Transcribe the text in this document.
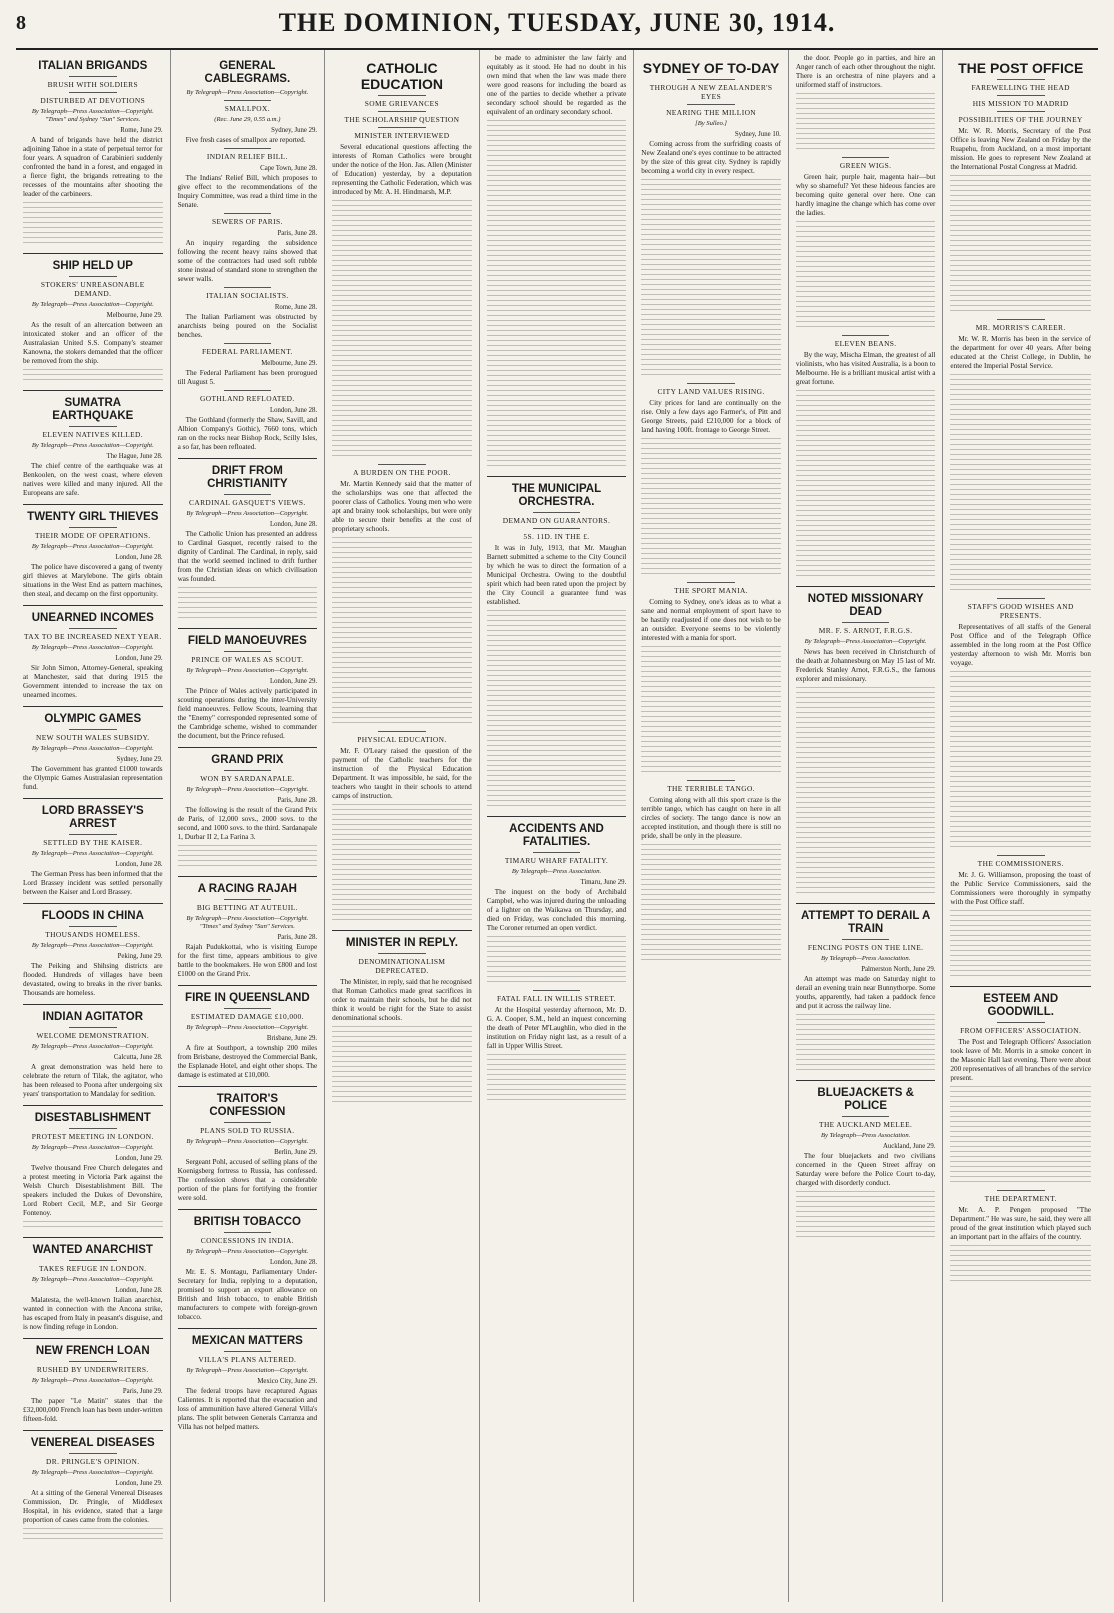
8	THE DOMINION, TUESDAY, JUNE 30, 1914.
ITALIAN BRIGANDS
BRUSH WITH SOLDIERS
DISTURBED AT DEVOTIONS
By Telegraph—Press Association—Copyright. "Times" and Sydney "Sun" Services.
Rome, June 29.

A band of brigands have held the district adjoining Tahoe in a state of perpetual terror for four years. A squadron of Carabinieri suddenly confronted the band in a forest, and engaged in a fierce fight, the brigands retreating to the recesses of the mountains after shooting the leader of the carbineers.

SHIP HELD UP
STOKERS' UNREASONABLE DEMAND.
By Telegraph—Press Association—Copyright.
Melbourne, June 29.

As the result of an altercation between an intoxicated stoker and an officer of the Australasian United S.S. Company's steamer Kanowna, the stokers demanded that the officer be removed from the ship.

SUMATRA EARTHQUAKE
ELEVEN NATIVES KILLED.
By Telegraph—Press Association—Copyright.
The Hague, June 28.

The chief centre of the earthquake was at Benkoolen, on the west coast, where eleven natives were killed and many injured. All the Europeans are safe.

TWENTY GIRL THIEVES
THEIR MODE OF OPERATIONS.
By Telegraph—Press Association—Copyright.
London, June 28.

The police have discovered a gang of twenty girl thieves at Marylebone. The girls obtain situations in the West End as pattern machines, then steal, and decamp on the first opportunity.

UNEARNED INCOMES
TAX TO BE INCREASED NEXT YEAR.
By Telegraph—Press Association—Copyright.
London, June 29.

Sir John Simon, Attorney-General, speaking at Manchester, said that during 1915 the Government intended to increase the tax on unearned incomes.

OLYMPIC GAMES
NEW SOUTH WALES SUBSIDY.
By Telegraph—Press Association—Copyright.
Sydney, June 29.

The Government has granted £1000 towards the Olympic Games Australasian representation fund.

LORD BRASSEY'S ARREST
SETTLED BY THE KAISER.
By Telegraph—Press Association—Copyright.
London, June 28.

The German Press has been informed that the Lord Brassey incident was settled personally between the Kaiser and Lord Brassey.

FLOODS IN CHINA
THOUSANDS HOMELESS.
By Telegraph—Press Association—Copyright.
Peking, June 29.

The Peiking and Shihsing districts are flooded. Hundreds of villages have been devastated, owing to breaks in the river banks. Thousands are homeless.

INDIAN AGITATOR
WELCOME DEMONSTRATION.
By Telegraph—Press Association—Copyright.
Calcutta, June 28.

A great demonstration was held here to celebrate the return of Tilak, the agitator, who has been released to Poona after undergoing six years' transportation to Mandalay for sedition.

DISESTABLISHMENT
PROTEST MEETING IN LONDON.
By Telegraph—Press Association—Copyright.
London, June 29.

Twelve thousand Free Church delegates and a protest meeting in Victoria Park against the Welsh Church Disestablishment Bill. The speakers included the Dukes of Devonshire, Lord Robert Cecil, M.P., and Sir George Fontenoy.

WANTED ANARCHIST
TAKES REFUGE IN LONDON.
By Telegraph—Press Association—Copyright.
London, June 28.

Malatesta, the well-known Italian anarchist, wanted in connection with the Ancona strike, has escaped from Italy in peasant's disguise, and is now finding refuge in London.

NEW FRENCH LOAN
RUSHED BY UNDERWRITERS.
By Telegraph—Press Association—Copyright.
Paris, June 29.

The paper "Le Matin" states that the £32,000,000 French loan has been under-written fifteen-fold.

VENEREAL DISEASES
DR. PRINGLE'S OPINION.
By Telegraph—Press Association—Copyright.
London, June 29.

At a sitting of the General Venereal Diseases Commission, Dr. Pringle, of Middlesex Hospital, in his evidence, stated that a large proportion of cases came from the colonies.

GENERAL CABLEGRAMS.
By Telegraph—Press Association—Copyright.
SMALLPOX.
(Rec. June 29, 0.55 a.m.)
Sydney, June 29.

Five fresh cases of smallpox are reported.

INDIAN RELIEF BILL.
Cape Town, June 28.

The Indians' Relief Bill, which proposes to give effect to the recommendations of the Inquiry Committee, was read a third time in the Senate.

SEWERS OF PARIS.
Paris, June 28.

An inquiry regarding the subsidence following the recent heavy rains showed that some of the contractors had used soft rubble stone instead of standard stone to strengthen the sewer walls.

ITALIAN SOCIALISTS.
Rome, June 28.

The Italian Parliament was obstructed by anarchists being poured on the Socialist benches.

FEDERAL PARLIAMENT.
Melbourne, June 29.

The Federal Parliament has been prorogued till August 5.

GOTHLAND REFLOATED.
London, June 28.

The Gothland (formerly the Shaw, Savill, and Albion Company's Gothic), 7660 tons, which ran on the rocks near Bishop Rock, Scilly Isles, a so far, has been refloated.

DRIFT FROM CHRISTIANITY
CARDINAL GASQUET'S VIEWS.
By Telegraph—Press Association—Copyright.
London, June 28.

The Catholic Union has presented an address to Cardinal Gasquet, recently raised to the dignity of Cardinal. The Cardinal, in reply, said that the world seemed inclined to drift further from the Christian ideas on which civilisation was founded.

FIELD MANOEUVRES
PRINCE OF WALES AS SCOUT.
By Telegraph—Press Association—Copyright.
London, June 29.

The Prince of Wales actively participated in scouting operations during the inter-University field manoeuvres. Fellow Scouts, learning that the "Enemy" corresponded represented some of the Cambridge scheme, wished to commander the document, but the Prince refused.

GRAND PRIX
WON BY SARDANAPALE.
By Telegraph—Press Association—Copyright.
Paris, June 28.

The following is the result of the Grand Prix de Paris, of 12,000 sovs., 2000 sovs. to the second, and 1000 sovs. to the third. Sardanapale 1, Durbar II 2, La Farina 3.

A RACING RAJAH
BIG BETTING AT AUTEUIL.
By Telegraph—Press Association—Copyright. "Times" and Sydney "Sun" Services.
Paris, June 28.

Rajah Pudukkottai, who is visiting Europe for the first time, appears ambitious to give battle to the bookmakers. He won £800 and lost £1000 on the Grand Prix.

FIRE IN QUEENSLAND
ESTIMATED DAMAGE £10,000.
By Telegraph—Press Association—Copyright.
Brisbane, June 29.

A fire at Southport, a township 200 miles from Brisbane, destroyed the Commercial Bank, the Esplanade Hotel, and eight other shops. The damage is estimated at £10,000.

TRAITOR'S CONFESSION
PLANS SOLD TO RUSSIA.
By Telegraph—Press Association—Copyright.
Berlin, June 29.

Sergeant Pohl, accused of selling plans of the Koenigsberg fortress to Russia, has confessed. The confession shows that a considerable portion of the plans for fortifying the frontier were sold.

BRITISH TOBACCO
CONCESSIONS IN INDIA.
By Telegraph—Press Association—Copyright.
London, June 28.

Mr. E. S. Montagu, Parliamentary Under-Secretary for India, replying to a deputation, promised to support an export allowance on British and Irish tobacco, to enable British manufacturers to compete with foreign-grown tobacco.

MEXICAN MATTERS
VILLA'S PLANS ALTERED.
By Telegraph—Press Association—Copyright.
Mexico City, June 29.

The federal troops have recaptured Aguas Calientes. It is reported that the evacuation and loss of ammunition have altered General Villa's plans. The split between Generals Carranza and Villa has not helped matters.

CATHOLIC EDUCATION
SOME GRIEVANCES
THE SCHOLARSHIP QUESTION
MINISTER INTERVIEWED

Several educational questions affecting the interests of Roman Catholics were brought under the notice of the Hon. Jas. Allen (Minister of Education) yesterday, by a deputation representing the Catholic Federation, which was introduced by Mr. A. H. Hindmarsh, M.P.

A BURDEN ON THE POOR.

Mr. Martin Kennedy said that the matter of the scholarships was one that affected the poorer class of Catholics. Young men who were apt and brainy took scholarships, but were only able to secure their benefits at the cost of proprietary schools.

PHYSICAL EDUCATION.

Mr. F. O'Leary raised the question of the payment of the Catholic teachers for the instruction of the Physical Education Department. It was impossible, he said, for the teachers who taught in their schools to attend camps of instruction.

MINISTER IN REPLY.
DENOMINATIONALISM DEPRECATED.

The Minister, in reply, said that he recognised that Roman Catholics made great sacrifices in order to maintain their schools, but he did not think it would be right for the State to assist denominational schools.

be made to administer the law fairly and equitably as it stood. He had no doubt in his own mind that when the law was made there were good reasons for including the board as one of the parties to decide whether a private secondary school should be regarded as the equivalent of an ordinary secondary school.

THE MUNICIPAL ORCHESTRA.
DEMAND ON GUARANTORS.
5S. 11D. IN THE £.

It was in July, 1913, that Mr. Maughan Barnett submitted a scheme to the City Council by which he was to direct the formation of a Municipal Orchestra. Owing to the doubtful spirit which had been rated upon the project by the City Council a guarantee fund was established.

ACCIDENTS AND FATALITIES.
TIMARU WHARF FATALITY.
By Telegraph—Press Association.
Timaru, June 29.

The inquest on the body of Archibald Campbel, who was injured during the unloading of a lighter on the Waikawa on Thursday, and died on Friday, was concluded this morning. The Coroner returned an open verdict.

FATAL FALL IN WILLIS STREET.

At the Hospital yesterday afternoon, Mr. D. G. A. Cooper, S.M., held an inquest concerning the death of Peter M'Laughlin, who died in the institution on Friday night last, as a result of a fall in Upper Willis Street.

SYDNEY OF TO-DAY
THROUGH A NEW ZEALANDER'S EYES
NEARING THE MILLION
[By Sulleo.]
Sydney, June 10.

Coming across from the surfriding coasts of New Zealand one's eyes continue to be attracted by the size of this great city. Sydney is rapidly becoming a world city in every respect.

CITY LAND VALUES RISING.

City prices for land are continually on the rise. Only a few days ago Farmer's, of Pitt and George Streets, paid £210,000 for a block of land having 100ft. frontage to George Street.

THE SPORT MANIA.

Coming to Sydney, one's ideas as to what a sane and normal employment of sport have to be hastily readjusted if one does not wish to be an outsider. Everyone seems to be violently interested with a mania for sport.

THE TERRIBLE TANGO.

Coming along with all this sport craze is the terrible tango, which has caught on here in all circles of society. The tango dance is now an accepted institution, and though there is still no pride, shall be only in the pleasure.

the door. People go in parties, and hire an Anger ranch of each other throughout the night. There is an orchestra of nine players and a uniformed staff of instructors.

GREEN WIGS.

Green hair, purple hair, magenta hair—but why so shameful? Yet these hideous fancies are becoming quite general over here. One can hardly imagine the change which has come over the ladies.

ELEVEN BEANS.

By the way, Mischa Elman, the greatest of all violinists, who has visited Australia, is a boon to Melbourne. He is a brilliant musical artist with a great fortune.

NOTED MISSIONARY DEAD
MR. F. S. ARNOT, F.R.G.S.
By Telegraph—Press Association—Copyright.

News has been received in Christchurch of the death at Johannesburg on May 15 last of Mr. Frederick Stanley Arnot, F.R.G.S., the famous explorer and missionary.

ATTEMPT TO DERAIL A TRAIN
FENCING POSTS ON THE LINE.
By Telegraph—Press Association.
Palmerston North, June 29.

An attempt was made on Saturday night to derail an evening train near Bunnythorpe. Some youths, apparently, had taken a paddock fence and put it across the railway line.

BLUEJACKETS & POLICE
THE AUCKLAND MELEE.
By Telegraph—Press Association.
Auckland, June 29.

The four bluejackets and two civilians concerned in the Queen Street affray on Saturday were before the Police Court to-day, charged with disorderly conduct.

THE POST OFFICE
FAREWELLING THE HEAD
HIS MISSION TO MADRID
POSSIBILITIES OF THE JOURNEY

Mr. W. R. Morris, Secretary of the Post Office is leaving New Zealand on Friday by the Ruapehu, from Auckland, on a most important mission. He goes to represent New Zealand at the International Postal Congress at Madrid.

MR. MORRIS'S CAREER.

Mr. W. R. Morris has been in the service of the department for over 40 years. After being educated at the Christ College, in Dublin, he entered the Imperial Postal Service.

STAFF'S GOOD WISHES AND PRESENTS.

Representatives of all staffs of the General Post Office and of the Telegraph Office assembled in the long room at the Post Office yesterday afternoon to wish Mr. Morris bon voyage.

THE COMMISSIONERS.

Mr. J. G. Williamson, proposing the toast of the Public Service Commissioners, said the Commissioners were thoroughly in sympathy with the Post Office staff.

ESTEEM AND GOODWILL.
FROM OFFICERS' ASSOCIATION.

The Post and Telegraph Officers' Association took leave of Mr. Morris in a smoke concert in the Masonic Hall last evening. There were about 200 representatives of all branches of the service present.

THE DEPARTMENT.

Mr. A. P. Pengen proposed "The Department." He was sure, he said, they were all proud of the great institution which played such an important part in the affairs of the country.
